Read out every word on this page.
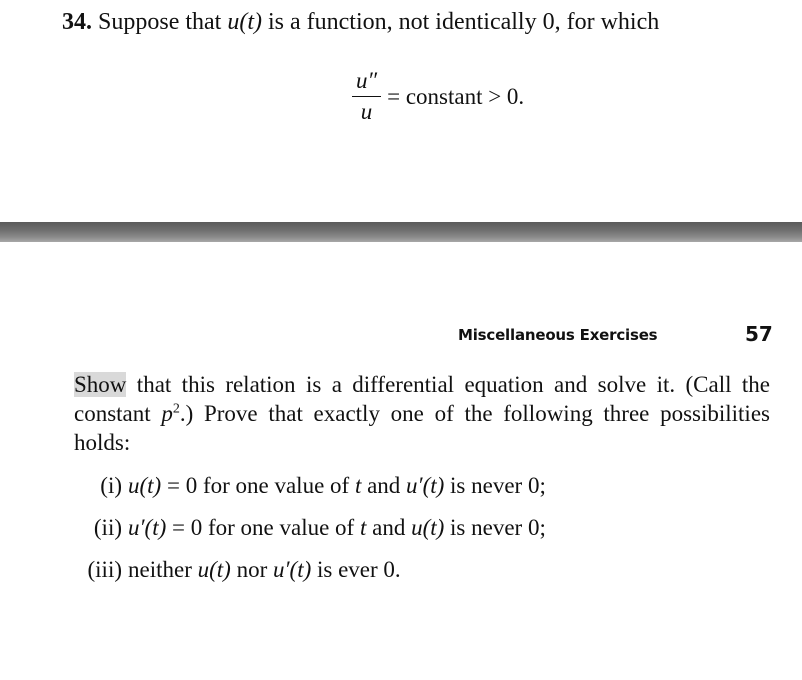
34. Suppose that u(t) is a function, not identically 0, for which
$\frac{u''}{u}$ = constant > 0.
Miscellaneous Exercises	57
Show that this relation is a differential equation and solve it. (Call the constant $p^2$.) Prove that exactly one of the following three possibilities holds:
(i) u(t) = 0 for one value of t and u′(t) is never 0;
(ii) u′(t) = 0 for one value of t and u(t) is never 0;
(iii) neither u(t) nor u′(t) is ever 0.
